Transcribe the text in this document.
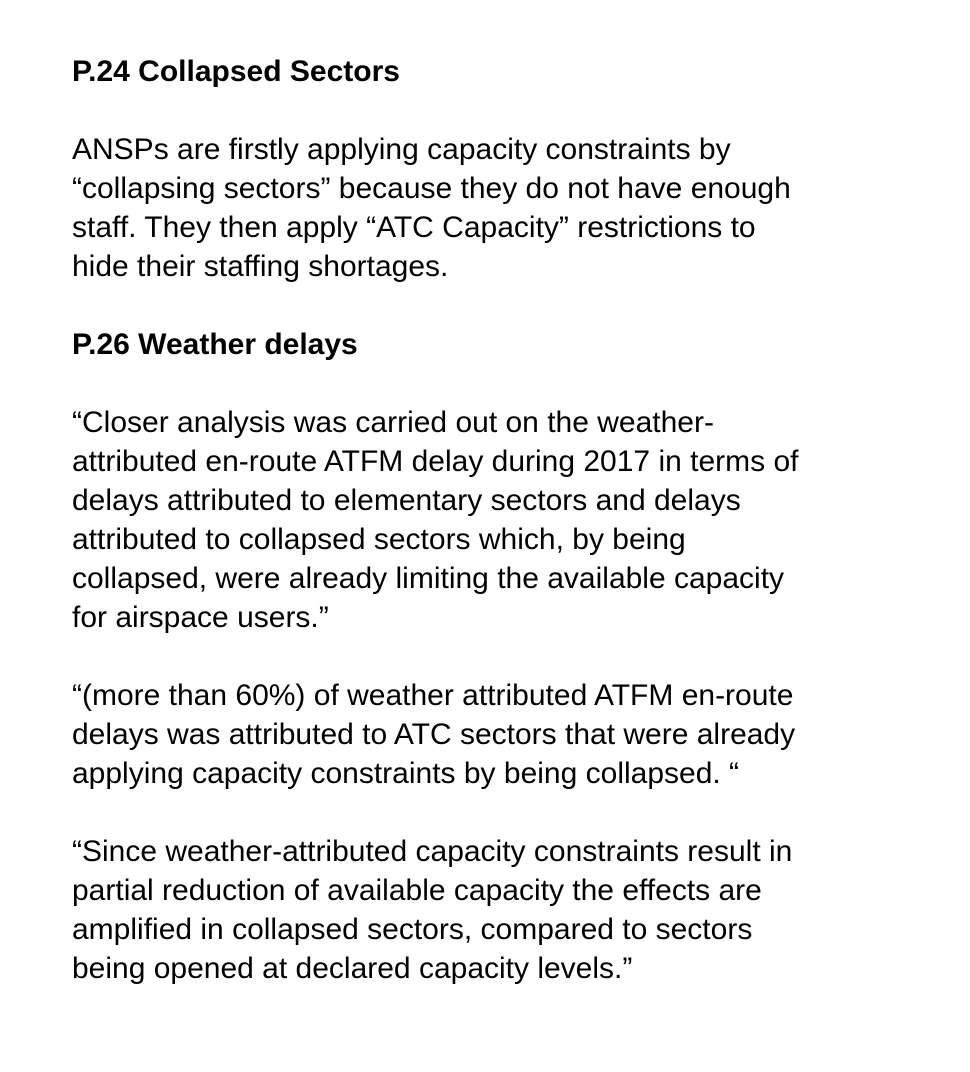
P.24 Collapsed Sectors

ANSPs are firstly applying capacity constraints by
“collapsing sectors” because they do not have enough
staff. They then apply “ATC Capacity” restrictions to
hide their staffing shortages.

P.26 Weather delays

“Closer analysis was carried out on the weather-
attributed en-route ATFM delay during 2017 in terms of
delays attributed to elementary sectors and delays
attributed to collapsed sectors which, by being
collapsed, were already limiting the available capacity
for airspace users.”

“(more than 60%) of weather attributed ATFM en-route
delays was attributed to ATC sectors that were already
applying capacity constraints by being collapsed. “

“Since weather-attributed capacity constraints result in
partial reduction of available capacity the effects are
amplified in collapsed sectors, compared to sectors
being opened at declared capacity levels.”
